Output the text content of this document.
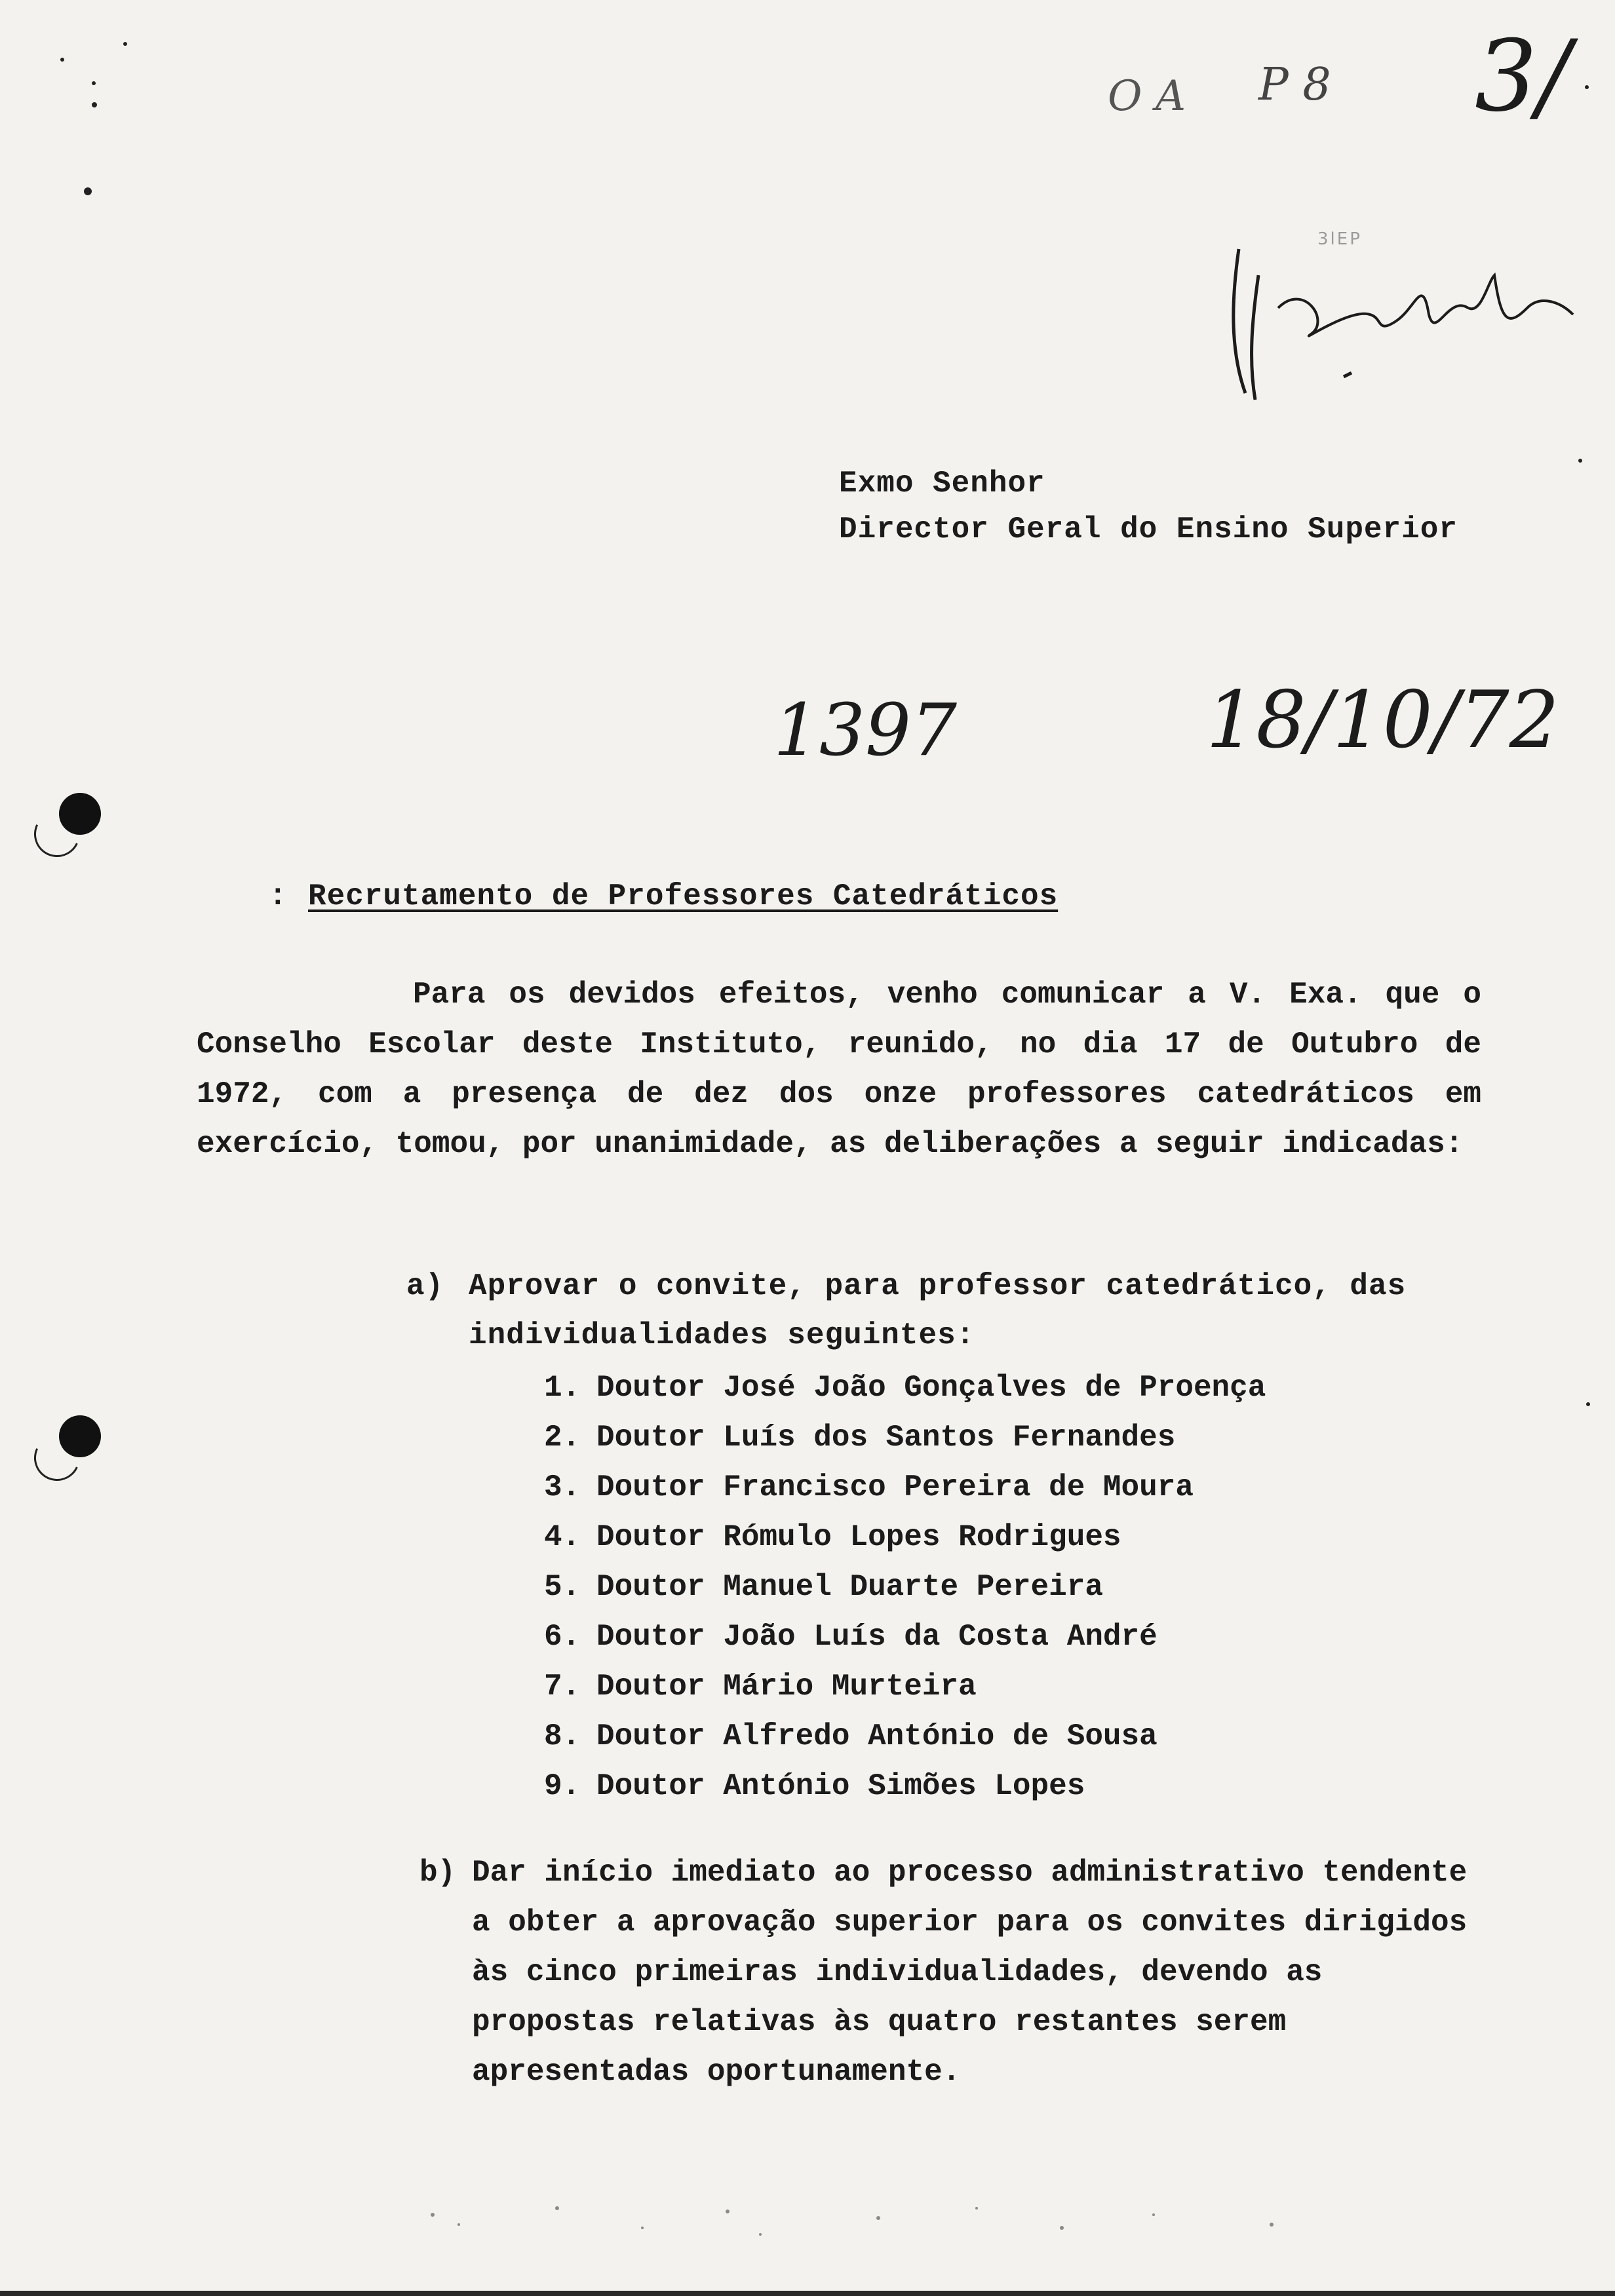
O A P 8 3/
3lEP
Exmo Senhor
Director Geral do Ensino Superior
1397	18/10/72
: Recrutamento de Professores Catedráticos

Para os devidos efeitos, venho comunicar a V. Exa. que o Conselho Escolar deste Instituto, reunido, no dia 17 de Outubro de 1972, com a presença de dez dos onze professores catedráticos em exercício, tomou, por unanimidade, as deliberações a seguir indicadas:

a) Aprovar o convite, para professor catedrático, das
individualidades seguintes:
1. Doutor José João Gonçalves de Proença
2. Doutor Luís dos Santos Fernandes
3. Doutor Francisco Pereira de Moura
4. Doutor Rómulo Lopes Rodrigues
5. Doutor Manuel Duarte Pereira
6. Doutor João Luís da Costa André
7. Doutor Mário Murteira
8. Doutor Alfredo António de Sousa
9. Doutor António Simões Lopes
b) Dar início imediato ao processo administrativo tendente a obter a aprovação superior para os convites dirigidos às cinco primeiras individualidades, devendo as propostas relativas às quatro restantes serem apresentadas oportunamente.
